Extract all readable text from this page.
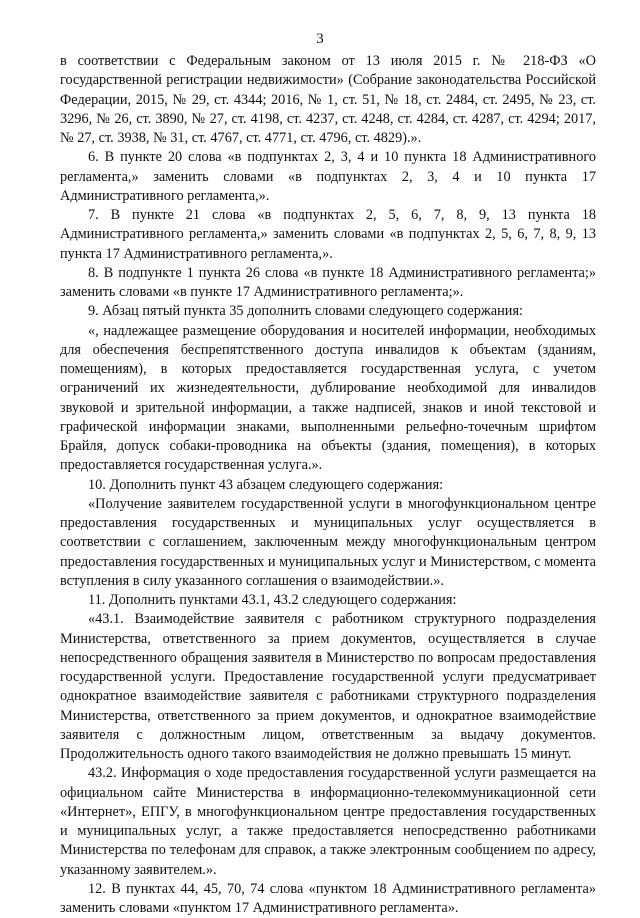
3

в соответствии с Федеральным законом от 13 июля 2015 г. № 218-ФЗ «О государственной регистрации недвижимости» (Собрание законодательства Российской Федерации, 2015, № 29, ст. 4344; 2016, № 1, ст. 51, № 18, ст. 2484, ст. 2495, № 23, ст. 3296, № 26, ст. 3890, № 27, ст. 4198, ст. 4237, ст. 4248, ст. 4284, ст. 4287, ст. 4294; 2017, № 27, ст. 3938, № 31, ст. 4767, ст. 4771, ст. 4796, ст. 4829).».

6. В пункте 20 слова «в подпунктах 2, 3, 4 и 10 пункта 18 Административного регламента,» заменить словами «в подпунктах 2, 3, 4 и 10 пункта 17 Административного регламента,».

7. В пункте 21 слова «в подпунктах 2, 5, 6, 7, 8, 9, 13 пункта 18 Административного регламента,» заменить словами «в подпунктах 2, 5, 6, 7, 8, 9, 13 пункта 17 Административного регламента,».

8. В подпункте 1 пункта 26 слова «в пункте 18 Административного регламента;» заменить словами «в пункте 17 Административного регламента;».

9. Абзац пятый пункта 35 дополнить словами следующего содержания:

«, надлежащее размещение оборудования и носителей информации, необходимых для обеспечения беспрепятственного доступа инвалидов к объектам (зданиям, помещениям), в которых предоставляется государственная услуга, с учетом ограничений их жизнедеятельности, дублирование необходимой для инвалидов звуковой и зрительной информации, а также надписей, знаков и иной текстовой и графической информации знаками, выполненными рельефно-точечным шрифтом Брайля, допуск собаки-проводника на объекты (здания, помещения), в которых предоставляется государственная услуга.».

10. Дополнить пункт 43 абзацем следующего содержания:

«Получение заявителем государственной услуги в многофункциональном центре предоставления государственных и муниципальных услуг осуществляется в соответствии с соглашением, заключенным между многофункциональным центром предоставления государственных и муниципальных услуг и Министерством, с момента вступления в силу указанного соглашения о взаимодействии.».

11. Дополнить пунктами 43.1, 43.2 следующего содержания:

«43.1. Взаимодействие заявителя с работником структурного подразделения Министерства, ответственного за прием документов, осуществляется в случае непосредственного обращения заявителя в Министерство по вопросам предоставления государственной услуги. Предоставление государственной услуги предусматривает однократное взаимодействие заявителя с работниками структурного подразделения Министерства, ответственного за прием документов, и однократное взаимодействие заявителя с должностным лицом, ответственным за выдачу документов. Продолжительность одного такого взаимодействия не должно превышать 15 минут.

43.2. Информация о ходе предоставления государственной услуги размещается на официальном сайте Министерства в информационно-телекоммуникационной сети «Интернет», ЕПГУ, в многофункциональном центре предоставления государственных и муниципальных услуг, а также предоставляется непосредственно работниками Министерства по телефонам для справок, а также электронным сообщением по адресу, указанному заявителем.».

12. В пунктах 44, 45, 70, 74 слова «пунктом 18 Административного регламента» заменить словами «пунктом 17 Административного регламента».
